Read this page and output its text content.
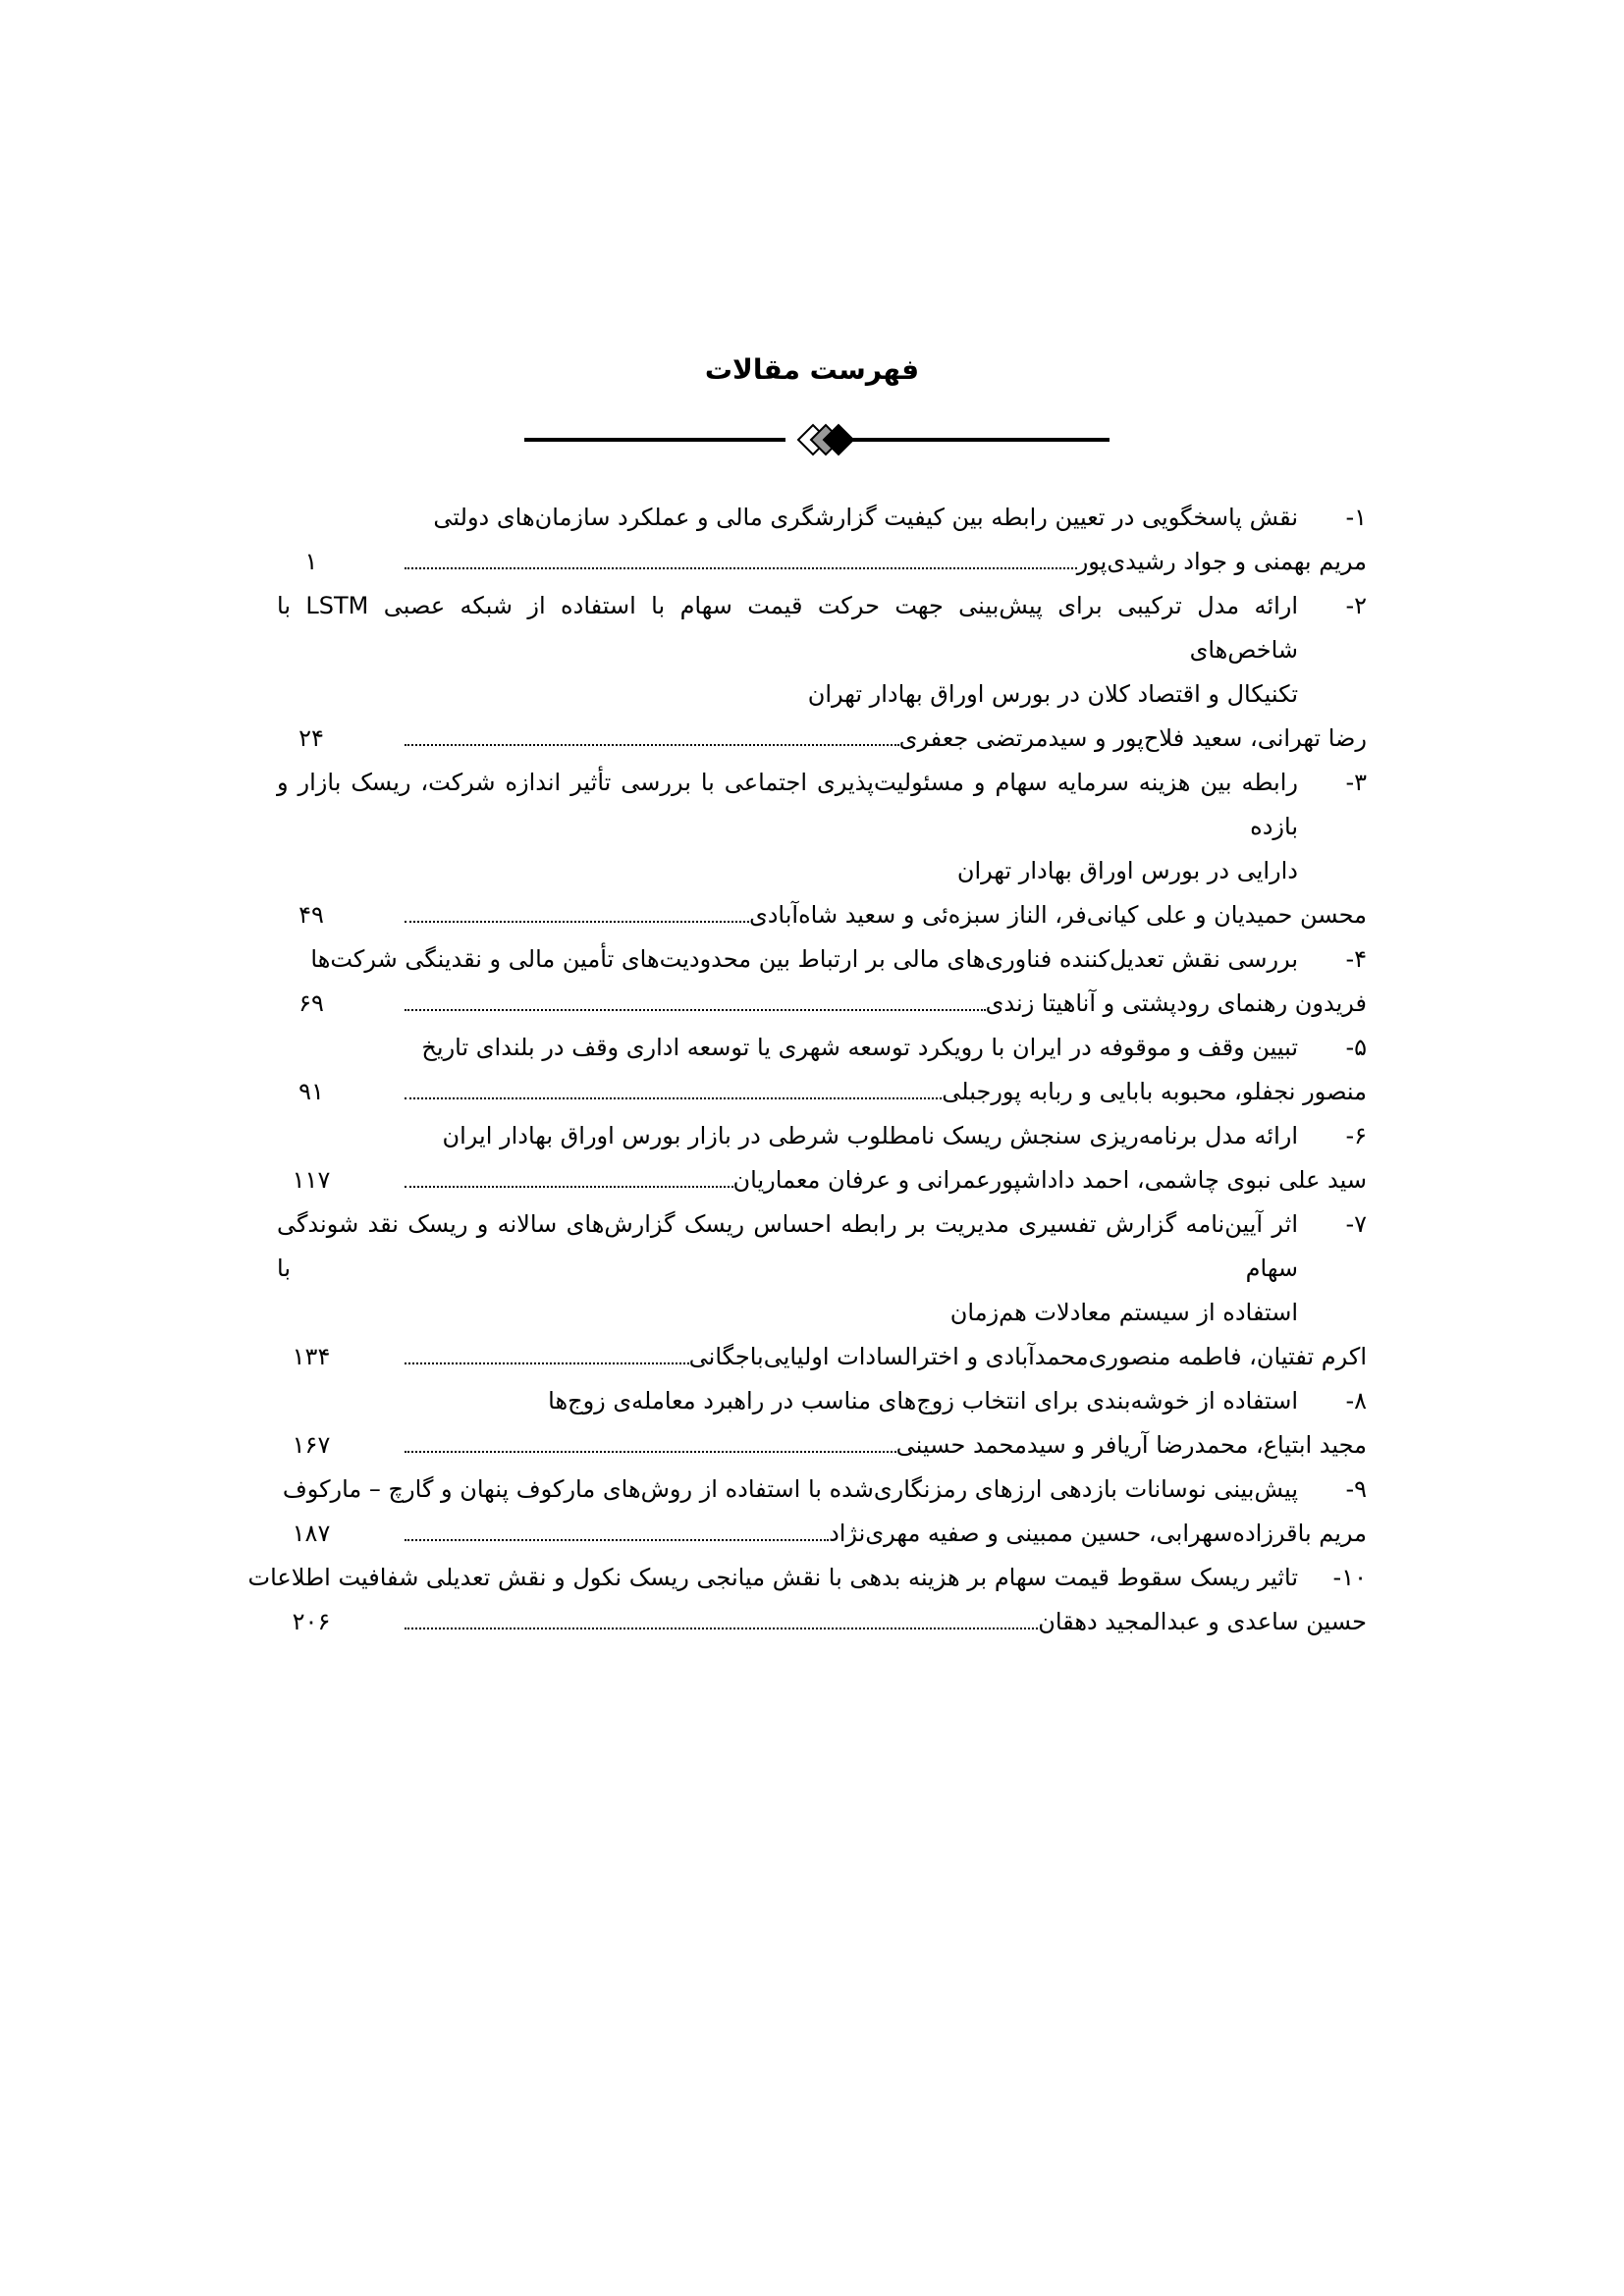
فهرست مقالات
۱-
نقش پاسخگویی در تعیین رابطه بین کیفیت گزارشگری مالی و عملکرد سازمان‌های دولتی
مریم بهمنی و جواد رشیدی‌پور
۱
۲-
ارائه مدل ترکیبی برای پیش‌بینی جهت حرکت قیمت سهام با استفاده از شبکه عصبی LSTM با شاخص‌های
تکنیکال و اقتصاد کلان در بورس اوراق بهادار تهران
رضا تهرانی، سعید فلاح‌پور و سیدمرتضی جعفری
۲۴
۳-
رابطه بین هزینه سرمایه سهام و مسئولیت‌پذیری اجتماعی با بررسی تأثیر اندازه شرکت، ریسک بازار و بازده
دارایی در بورس اوراق بهادار تهران
محسن حمیدیان و علی کیانی‌فر، الناز سبزه‌ئی و سعید شاه‌آبادی
۴۹
۴-
بررسی نقش تعدیل‌کننده فناوری‌های مالی بر ارتباط بین محدودیت‌های تأمین مالی و نقدینگی شرکت‌ها
فریدون رهنمای رودپشتی و آناهیتا زندی
۶۹
۵-
تبیین وقف و موقوفه در ایران با رویکرد توسعه شهری یا توسعه اداری وقف در بلندای تاریخ
منصور نجفلو، محبوبه بابایی و ربابه پورجبلی
۹۱
۶-
ارائه مدل برنامه‌ریزی سنجش ریسک نامطلوب شرطی در بازار بورس اوراق بهادار ایران
سید علی نبوی چاشمی، احمد داداشپورعمرانی و عرفان معماریان
۱۱۷
۷-
اثر آیین‌نامه گزارش تفسیری مدیریت بر رابطه احساس ریسک گزارش‌های سالانه و ریسک نقد شوندگی سهام با
استفاده از سیستم معادلات هم‌زمان
اکرم تفتیان، فاطمه منصوری‌محمدآبادی و اخترالسادات اولیایی‌باجگانی
۱۳۴
۸-
استفاده از خوشه‌بندی برای انتخاب زوج‌های مناسب در راهبرد معامله‌ی زوج‌ها
مجید ابتیاع، محمدرضا آریافر و سیدمحمد حسینی
۱۶۷
۹-
پیش‌بینی نوسانات بازدهی ارزهای رمزنگاری‌شده با استفاده از روش‌های مارکوف پنهان و گارچ – مارکوف
مریم باقرزاده‌سهرابی، حسین ممبینی و صفیه مهری‌نژاد
۱۸۷
۱۰-
تاثیر ریسک سقوط قیمت سهام بر هزینه بدهی با نقش میانجی ریسک نکول و نقش تعدیلی شفافیت اطلاعات
حسین ساعدی و عبدالمجید دهقان
۲۰۶
